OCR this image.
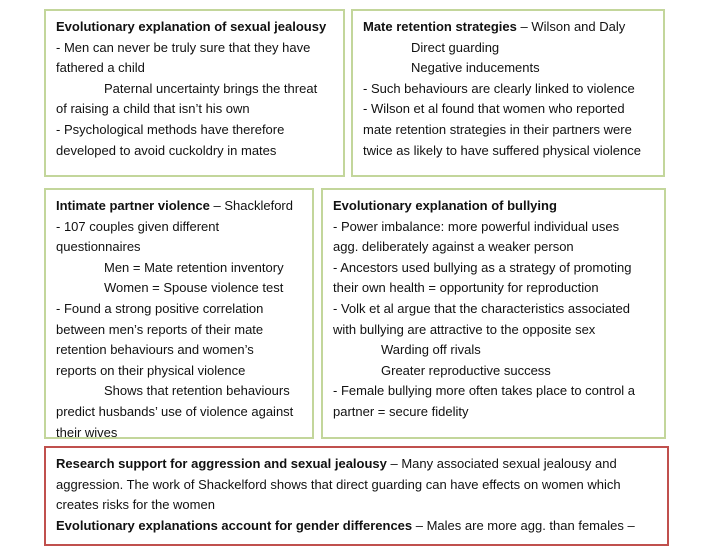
Evolutionary explanation of sexual jealousy
- Men can never be truly sure that they have
fathered a child
Paternal uncertainty brings the threat
of raising a child that isn’t his own
- Psychological methods have therefore
developed to avoid cuckoldry in mates
Mate retention strategies – Wilson and Daly
Direct guarding
Negative inducements
- Such behaviours are clearly linked to violence
- Wilson et al found that women who reported
mate retention strategies in their partners were
twice as likely to have suffered physical violence
Intimate partner violence – Shackleford
- 107 couples given different
questionnaires
Men = Mate retention inventory
Women = Spouse violence test
- Found a strong positive correlation
between men’s reports of their mate
retention behaviours and women’s
reports on their physical violence
Shows that retention behaviours
predict husbands’ use of violence against
their wives
Evolutionary explanation of bullying
- Power imbalance: more powerful individual uses
agg. deliberately against a weaker person
- Ancestors used bullying as a strategy of promoting
their own health = opportunity for reproduction
- Volk et al argue that the characteristics associated
with bullying are attractive to the opposite sex
Warding off rivals
Greater reproductive success
- Female bullying more often takes place to control a
partner = secure fidelity
Research support for aggression and sexual jealousy – Many associated sexual jealousy and
aggression. The work of Shackelford shows that direct guarding can have effects on women which
creates risks for the women
Evolutionary explanations account for gender differences – Males are more agg. than females –
